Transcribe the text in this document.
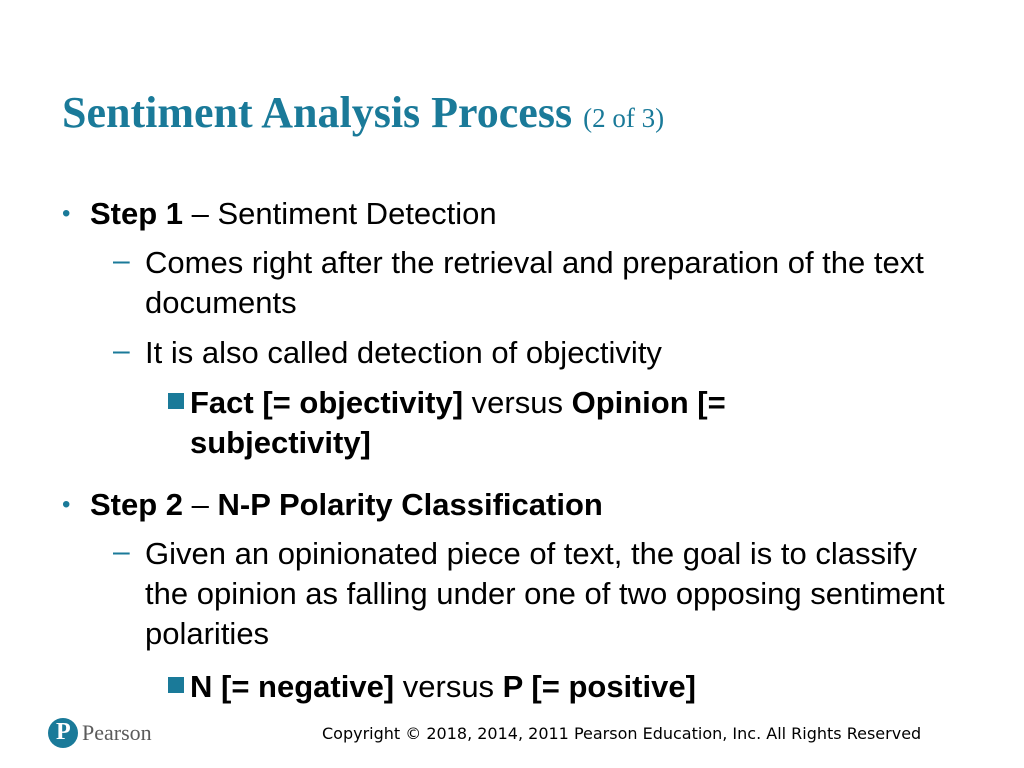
Sentiment Analysis Process (2 of 3)
• Step 1 – Sentiment Detection
– Comes right after the retrieval and preparation of the text documents
– It is also called detection of objectivity
Fact [= objectivity] versus Opinion [= subjectivity]
• Step 2 – N-P Polarity Classification
– Given an opinionated piece of text, the goal is to classify the opinion as falling under one of two opposing sentiment polarities
N [= negative] versus P [= positive]
P Pearson	Copyright © 2018, 2014, 2011 Pearson Education, Inc. All Rights Reserved
